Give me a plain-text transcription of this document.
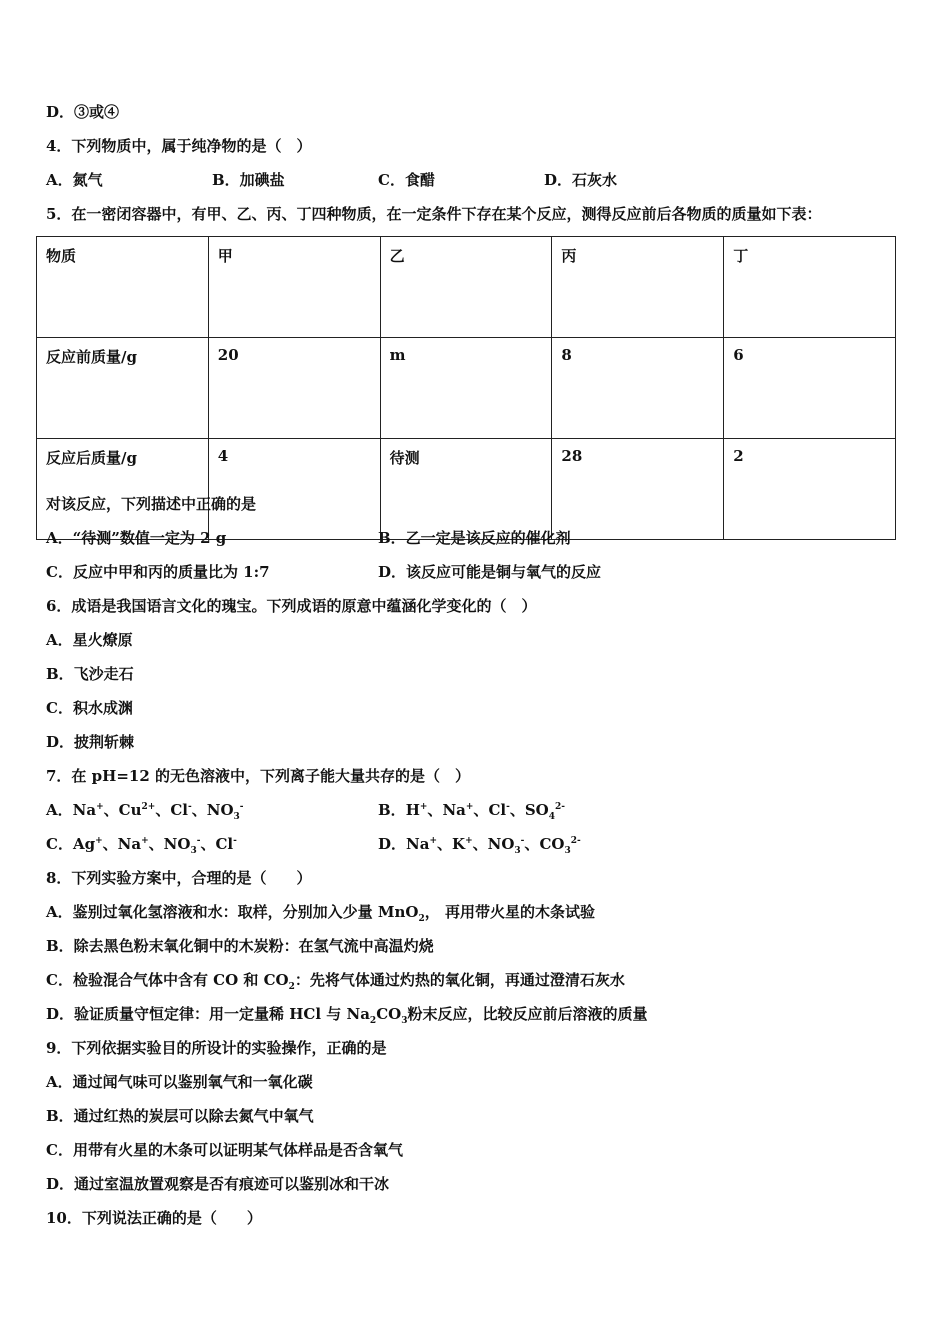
D．③或④
4．下列物质中，属于纯净物的是（　）
A．氮气	B．加碘盐	C．食醋	D．石灰水
5．在一密闭容器中，有甲、乙、丙、丁四种物质，在一定条件下存在某个反应，测得反应前后各物质的质量如下表：
物质	甲	乙	丙	丁
反应前质量/g	20	m	8	6
反应后质量/g	4	待测	28	2
对该反应，下列描述中正确的是
A．“待测”数值一定为 2 g	B．乙一定是该反应的催化剂
C．反应中甲和丙的质量比为 1:7	D．该反应可能是铜与氧气的反应
6．成语是我国语言文化的瑰宝。下列成语的原意中蕴涵化学变化的（　）
A．星火燎原
B．飞沙走石
C．积水成渊
D．披荆斩棘
7．在 pH=12 的无色溶液中，下列离子能大量共存的是（　）
A．Na+、$Cu^{2+}$、Cl-、$NO_3^-$	B．H+、Na+、Cl-、$SO_4^{2-}$
C．Ag+、Na+、$NO_3^-$、Cl-	D．Na+、K+、$NO_3^-$、$CO_3^{2-}$
8．下列实验方案中，合理的是（　　）
A．鉴别过氧化氢溶液和水：取样，分别加入少量 MnO$_2$， 再用带火星的木条试验
B．除去黑色粉末氧化铜中的木炭粉：在氢气流中高温灼烧
C．检验混合气体中含有 CO 和 $CO_2$：先将气体通过灼热的氧化铜，再通过澄清石灰水
D．验证质量守恒定律：用一定量稀 HCl 与 $Na_2CO_3$粉末反应，比较反应前后溶液的质量
9．下列依据实验目的所设计的实验操作，正确的是
A．通过闻气味可以鉴别氧气和一氧化碳
B．通过红热的炭层可以除去氮气中氧气
C．用带有火星的木条可以证明某气体样品是否含氧气
D．通过室温放置观察是否有痕迹可以鉴别冰和干冰
10．下列说法正确的是（　　）
